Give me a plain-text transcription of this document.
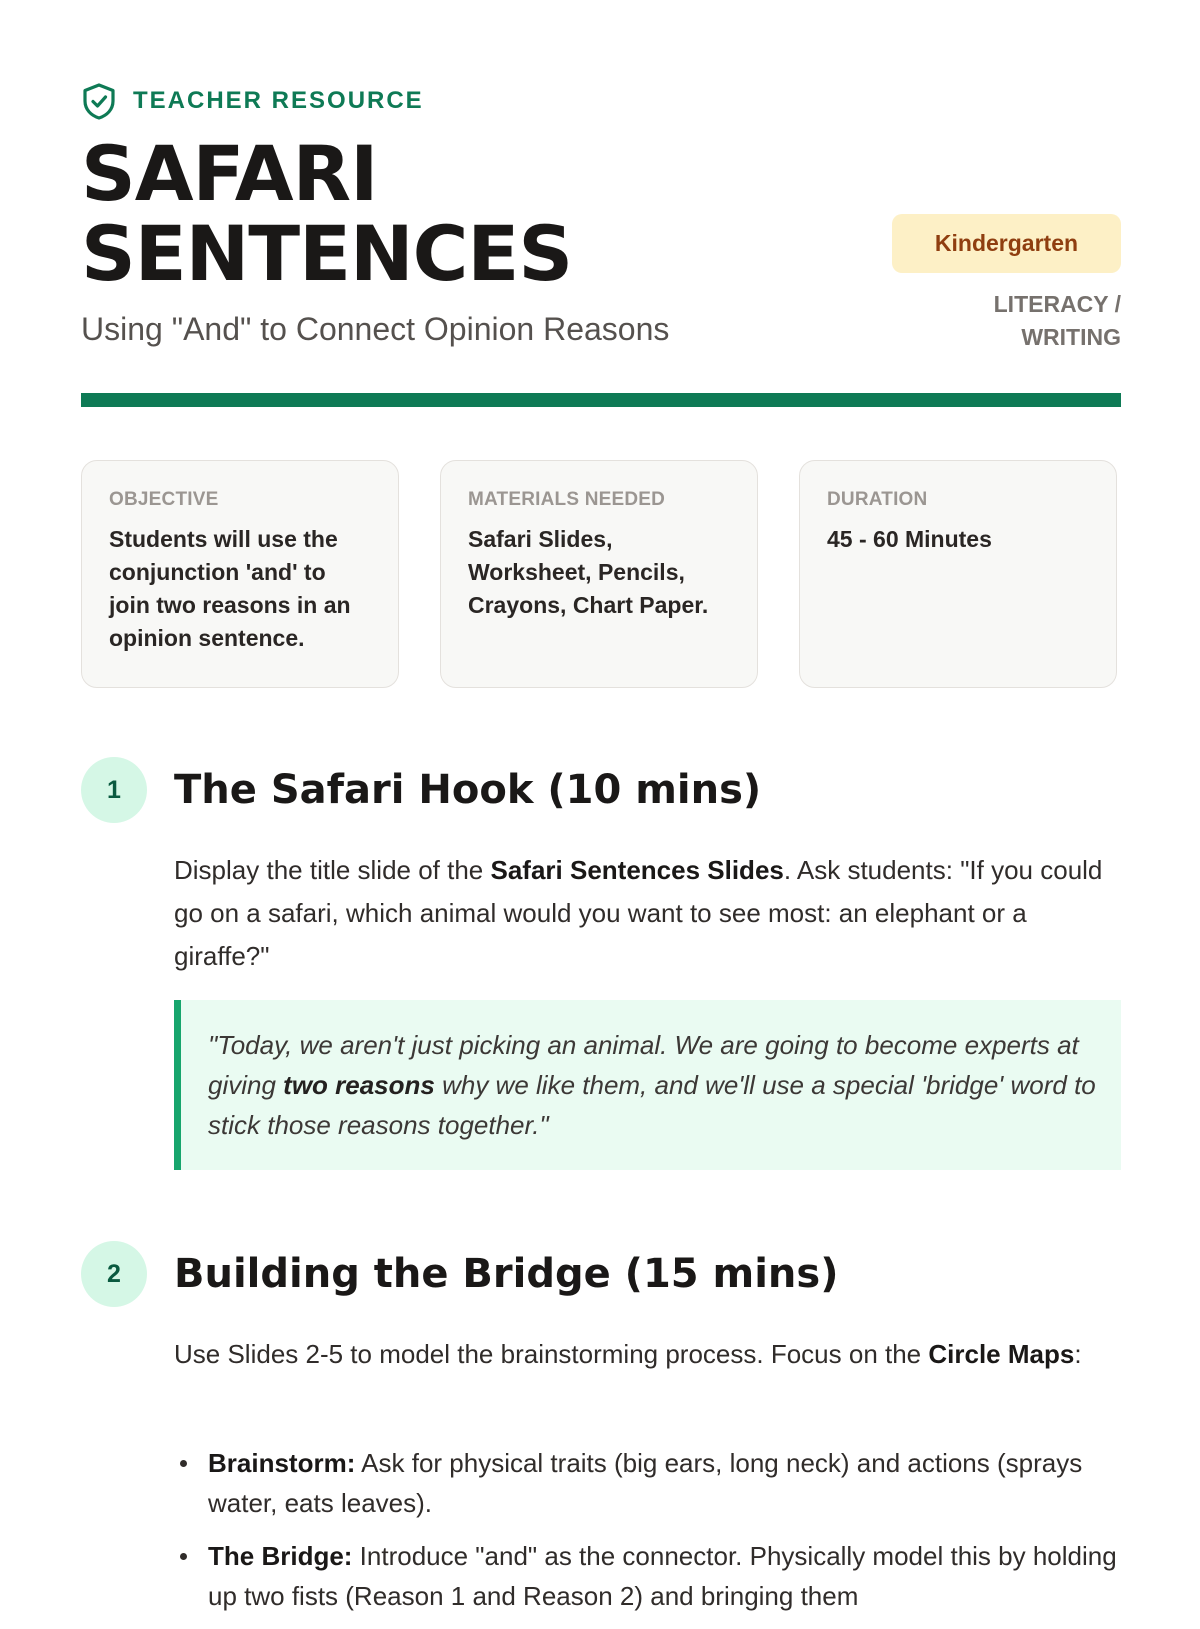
TEACHER RESOURCE
SAFARI
SENTENCES
Using "And" to Connect Opinion Reasons
Kindergarten
LITERACY / WRITING
OBJECTIVE
Students will use the conjunction 'and' to join two reasons in an opinion sentence.
MATERIALS NEEDED
Safari Slides, Worksheet, Pencils, Crayons, Chart Paper.
DURATION
45 - 60 Minutes
1	The Safari Hook (10 mins)

Display the title slide of the Safari Sentences Slides. Ask students: "If you could go on a safari, which animal would you want to see most: an elephant or a giraffe?"

"Today, we aren't just picking an animal. We are going to become experts at giving two reasons why we like them, and we'll use a special 'bridge' word to stick those reasons together."
2	Building the Bridge (15 mins)

Use Slides 2-5 to model the brainstorming process. Focus on the Circle Maps:

Brainstorm: Ask for physical traits (big ears, long neck) and actions (sprays water, eats leaves).
The Bridge: Introduce "and" as the connector. Physically model this by holding up two fists (Reason 1 and Reason 2) and bringing them
